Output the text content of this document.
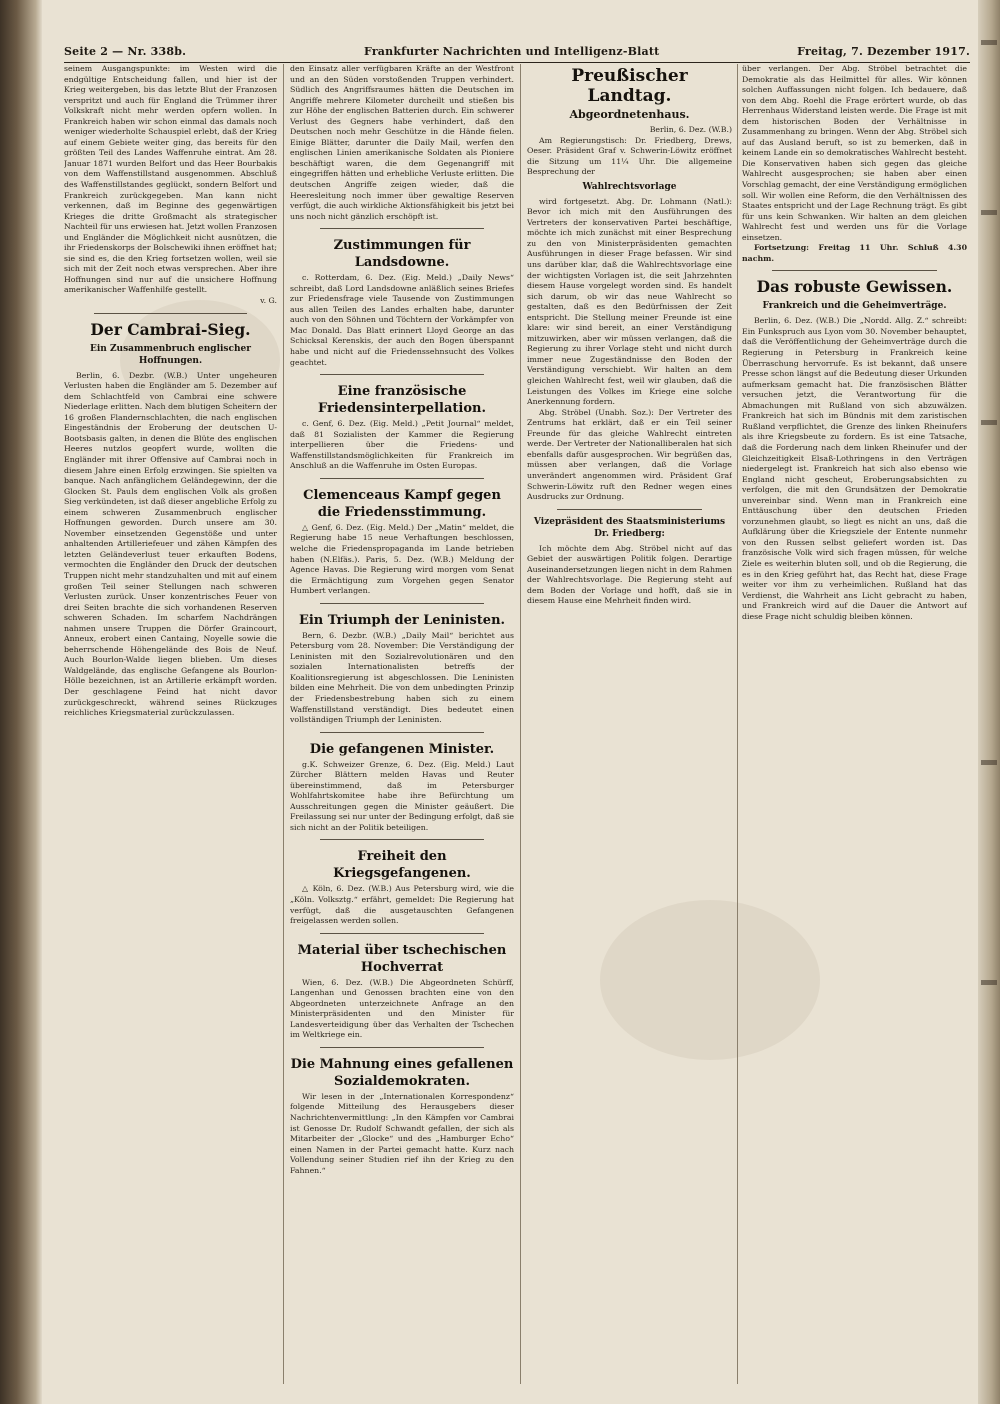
Seite 2 — Nr. 338b.	Frankfurter Nachrichten und Intelligenz-Blatt	Freitag, 7. Dezember 1917.

seinem Ausgangspunkte: im Westen wird die endgültige Entscheidung fallen, und hier ist der Krieg weitergeben, bis das letzte Blut der Franzosen verspritzt und auch für England die Trümmer ihrer Volkskraft nicht mehr werden opfern wollen. In Frankreich haben wir schon einmal das damals noch weniger wiederholte Schauspiel erlebt, daß der Krieg auf einem Gebiete weiter ging, das bereits für den größten Teil des Landes Waffenruhe eintrat. Am 28. Januar 1871 wurden Belfort und das Heer Bourbakis von dem Waffenstillstand ausgenommen. Abschluß des Waffenstillstandes geglückt, sondern Belfort und Frankreich zurückgegeben. Man kann nicht verkennen, daß im Beginne des gegenwärtigen Krieges die dritte Großmacht als strategischer Nachteil für uns erwiesen hat. Jetzt wollen Franzosen und Engländer die Möglichkeit nicht ausnützen, die ihr Friedenskorps der Bolschewiki ihnen eröffnet hat; sie sind es, die den Krieg fortsetzen wollen, weil sie sich mit der Zeit noch etwas versprechen. Aber ihre Hoffnungen sind nur auf die unsichere Hoffnung amerikanischer Waffenhilfe gestellt.

v. G.
Der Cambrai-Sieg.
Ein Zusammenbruch englischer Hoffnungen.

Berlin, 6. Dezbr. (W.B.) Unter ungeheuren Verlusten haben die Engländer am 5. Dezember auf dem Schlachtfeld von Cambrai eine schwere Niederlage erlitten. Nach dem blutigen Scheitern der 16 großen Flandernschlachten, die nach englischen Eingeständnis der Eroberung der deutschen U-Bootsbasis galten, in denen die Blüte des englischen Heeres nutzlos geopfert wurde, wollten die Engländer mit ihrer Offensive auf Cambrai noch in diesem Jahre einen Erfolg erzwingen. Sie spielten va banque. Nach anfänglichem Geländegewinn, der die Glocken St. Pauls dem englischen Volk als großen Sieg verkündeten, ist daß dieser angebliche Erfolg zu einem schweren Zusammenbruch englischer Hoffnungen geworden. Durch unsere am 30. November einsetzenden Gegenstöße und unter anhaltenden Artilleriefeuer und zähen Kämpfen des letzten Geländeverlust teuer erkauften Bodens, vermochten die Engländer den Druck der deutschen Truppen nicht mehr standzuhalten und mit auf einem großen Teil seiner Stellungen nach schweren Verlusten zurück. Unser konzentrisches Feuer von drei Seiten brachte die sich vorhandenen Reserven schweren Schaden. Im scharfem Nachdrängen nahmen unsere Truppen die Dörfer Graincourt, Anneux, erobert einen Cantaing, Noyelle sowie die beherrschende Höhengelände des Bois de Neuf. Auch Bourlon-Walde liegen blieben. Um dieses Waldgelände, das englische Gefangene als Bourlon-Hölle bezeichnen, ist an Artillerie erkämpft worden. Der geschlagene Feind hat nicht davor zurückgeschreckt, während seines Rückzuges reichliches Kriegsmaterial zurückzulassen.

den Einsatz aller verfügbaren Kräfte an der Westfront und an den Süden vorstoßenden Truppen verhindert. Südlich des Angriffsraumes hätten die Deutschen im Angriffe mehrere Kilometer durcheilt und stießen bis zur Höhe der englischen Batterien durch. Ein schwerer Verlust des Gegners habe verhindert, daß den Deutschen noch mehr Geschütze in die Hände fielen. Einige Blätter, darunter die Daily Mail, werfen den englischen Linien amerikanische Soldaten als Pioniere beschäftigt waren, die dem Gegenangriff mit eingegriffen hätten und erhebliche Verluste erlitten. Die deutschen Angriffe zeigen wieder, daß die Heeresleitung noch immer über gewaltige Reserven verfügt, die auch wirkliche Aktionsfähigkeit bis jetzt bei uns noch nicht gänzlich erschöpft ist.

Zustimmungen für Landsdowne.

c. Rotterdam, 6. Dez. (Eig. Meld.) „Daily News“ schreibt, daß Lord Landsdowne anläßlich seines Briefes zur Friedensfrage viele Tausende von Zustimmungen aus allen Teilen des Landes erhalten habe, darunter auch von den Söhnen und Töchtern der Vorkämpfer von Mac Donald. Das Blatt erinnert Lloyd George an das Schicksal Kerenskis, der auch den Bogen überspannt habe und nicht auf die Friedenssehnsucht des Volkes geachtet.

Eine französische Friedensinterpellation.

c. Genf, 6. Dez. (Eig. Meld.) „Petit Journal“ meldet, daß 81 Sozialisten der Kammer die Regierung interpellieren über die Friedens- und Waffenstillstandsmöglichkeiten für Frankreich im Anschluß an die Waffenruhe im Osten Europas.

Clemenceaus Kampf gegen die Friedensstimmung.

△ Genf, 6. Dez. (Eig. Meld.) Der „Matin“ meldet, die Regierung habe 15 neue Verhaftungen beschlossen, welche die Friedenspropaganda im Lande betrieben haben (N.Elfäs.). Paris, 5. Dez. (W.B.) Meldung der Agence Havas. Die Regierung wird morgen vom Senat die Ermächtigung zum Vorgehen gegen Senator Humbert verlangen.

Ein Triumph der Leninisten.

Bern, 6. Dezbr. (W.B.) „Daily Mail“ berichtet aus Petersburg vom 28. November: Die Verständigung der Leninisten mit den Sozialrevolutionären und den sozialen Internationalisten betreffs der Koalitionsregierung ist abgeschlossen. Die Leninisten bilden eine Mehrheit. Die von dem unbedingten Prinzip der Friedensbestrebung haben sich zu einem Waffenstillstand verständigt. Dies bedeutet einen vollständigen Triumph der Leninisten.

Die gefangenen Minister.

g.K. Schweizer Grenze, 6. Dez. (Eig. Meld.) Laut Zürcher Blättern melden Havas und Reuter übereinstimmend, daß im Petersburger Wohlfahrtskomitee habe ihre Befürchtung um Ausschreitungen gegen die Minister geäußert. Die Freilassung sei nur unter der Bedingung erfolgt, daß sie sich nicht an der Politik beteiligen.

Freiheit den Kriegsgefangenen.

△ Köln, 6. Dez. (W.B.) Aus Petersburg wird, wie die „Köln. Volksztg.“ erfährt, gemeldet: Die Regierung hat verfügt, daß die ausgetauschten Gefangenen freigelassen werden sollen.

Material über tschechischen Hochverrat

Wien, 6. Dez. (W.B.) Die Abgeordneten Schürff, Langenhan und Genossen brachten eine von den Abgeordneten unterzeichnete Anfrage an den Ministerpräsidenten und den Minister für Landesverteidigung über das Verhalten der Tschechen im Weltkriege ein.

Die Mahnung eines gefallenen Sozialdemokraten.

Wir lesen in der „Internationalen Korrespondenz“ folgende Mitteilung des Herausgebers dieser Nachrichtenvermittlung: „In den Kämpfen vor Cambrai ist Genosse Dr. Rudolf Schwandt gefallen, der sich als Mitarbeiter der „Glocke“ und des „Hamburger Echo“ einen Namen in der Partei gemacht hatte. Kurz nach Vollendung seiner Studien rief ihn der Krieg zu den Fahnen.“

Preußischer Landtag.
Abgeordnetenhaus.
Berlin, 6. Dez. (W.B.)

Am Regierungstisch: Dr. Friedberg, Drews, Oeser. Präsident Graf v. Schwerin-Löwitz eröffnet die Sitzung um 11¼ Uhr. Die allgemeine Besprechung der

Wahlrechtsvorlage

wird fortgesetzt. Abg. Dr. Lohmann (Natl.): Bevor ich mich mit den Ausführungen des Vertreters der konservativen Partei beschäftige, möchte ich mich zunächst mit einer Besprechung zu den von Ministerpräsidenten gemachten Ausführungen in dieser Frage befassen. Wir sind uns darüber klar, daß die Wahlrechtsvorlage eine der wichtigsten Vorlagen ist, die seit Jahrzehnten diesem Hause vorgelegt worden sind. Es handelt sich darum, ob wir das neue Wahlrecht so gestalten, daß es den Bedürfnissen der Zeit entspricht. Die Stellung meiner Freunde ist eine klare: wir sind bereit, an einer Verständigung mitzuwirken, aber wir müssen verlangen, daß die Regierung zu ihrer Vorlage steht und nicht durch immer neue Zugeständnisse den Boden der Verständigung verschiebt. Wir halten an dem gleichen Wahlrecht fest, weil wir glauben, daß die Leistungen des Volkes im Kriege eine solche Anerkennung fordern.

Abg. Ströbel (Unabh. Soz.): Der Vertreter des Zentrums hat erklärt, daß er ein Teil seiner Freunde für das gleiche Wahlrecht eintreten werde. Der Vertreter der Nationalliberalen hat sich ebenfalls dafür ausgesprochen. Wir begrüßen das, müssen aber verlangen, daß die Vorlage unverändert angenommen wird. Präsident Graf Schwerin-Löwitz ruft den Redner wegen eines Ausdrucks zur Ordnung.

Vizepräsident des Staatsministeriums Dr. Friedberg:

Ich möchte dem Abg. Ströbel nicht auf das Gebiet der auswärtigen Politik folgen. Derartige Auseinandersetzungen liegen nicht in dem Rahmen der Wahlrechtsvorlage. Die Regierung steht auf dem Boden der Vorlage und hofft, daß sie in diesem Hause eine Mehrheit finden wird.

über verlangen. Der Abg. Ströbel betrachtet die Demokratie als das Heilmittel für alles. Wir können solchen Auffassungen nicht folgen. Ich bedauere, daß von dem Abg. Roehl die Frage erörtert wurde, ob das Herrenhaus Widerstand leisten werde. Die Frage ist mit dem historischen Boden der Verhältnisse in Zusammenhang zu bringen. Wenn der Abg. Ströbel sich auf das Ausland beruft, so ist zu bemerken, daß in keinem Lande ein so demokratisches Wahlrecht besteht. Die Konservativen haben sich gegen das gleiche Wahlrecht ausgesprochen; sie haben aber einen Vorschlag gemacht, der eine Verständigung ermöglichen soll. Wir wollen eine Reform, die den Verhältnissen des Staates entspricht und der Lage Rechnung trägt. Es gibt für uns kein Schwanken. Wir halten an dem gleichen Wahlrecht fest und werden uns für die Vorlage einsetzen.

Fortsetzung: Freitag 11 Uhr. Schluß 4.30 nachm.

Das robuste Gewissen.
Frankreich und die Geheimverträge.

Berlin, 6. Dez. (W.B.) Die „Nordd. Allg. Z.“ schreibt: Ein Funkspruch aus Lyon vom 30. November behauptet, daß die Veröffentlichung der Geheimverträge durch die Regierung in Petersburg in Frankreich keine Überraschung hervorrufe. Es ist bekannt, daß unsere Presse schon längst auf die Bedeutung dieser Urkunden aufmerksam gemacht hat. Die französischen Blätter versuchen jetzt, die Verantwortung für die Abmachungen mit Rußland von sich abzuwälzen. Frankreich hat sich im Bündnis mit dem zaristischen Rußland verpflichtet, die Grenze des linken Rheinufers als ihre Kriegsbeute zu fordern. Es ist eine Tatsache, daß die Forderung nach dem linken Rheinufer und der Gleichzeitigkeit Elsaß-Lothringens in den Verträgen niedergelegt ist. Frankreich hat sich also ebenso wie England nicht gescheut, Eroberungsabsichten zu verfolgen, die mit den Grundsätzen der Demokratie unvereinbar sind. Wenn man in Frankreich eine Enttäuschung über den deutschen Frieden vorzunehmen glaubt, so liegt es nicht an uns, daß die Aufklärung über die Kriegsziele der Entente nunmehr von den Russen selbst geliefert worden ist. Das französische Volk wird sich fragen müssen, für welche Ziele es weiterhin bluten soll, und ob die Regierung, die es in den Krieg geführt hat, das Recht hat, diese Frage weiter vor ihm zu verheimlichen. Rußland hat das Verdienst, die Wahrheit ans Licht gebracht zu haben, und Frankreich wird auf die Dauer die Antwort auf diese Frage nicht schuldig bleiben können.
